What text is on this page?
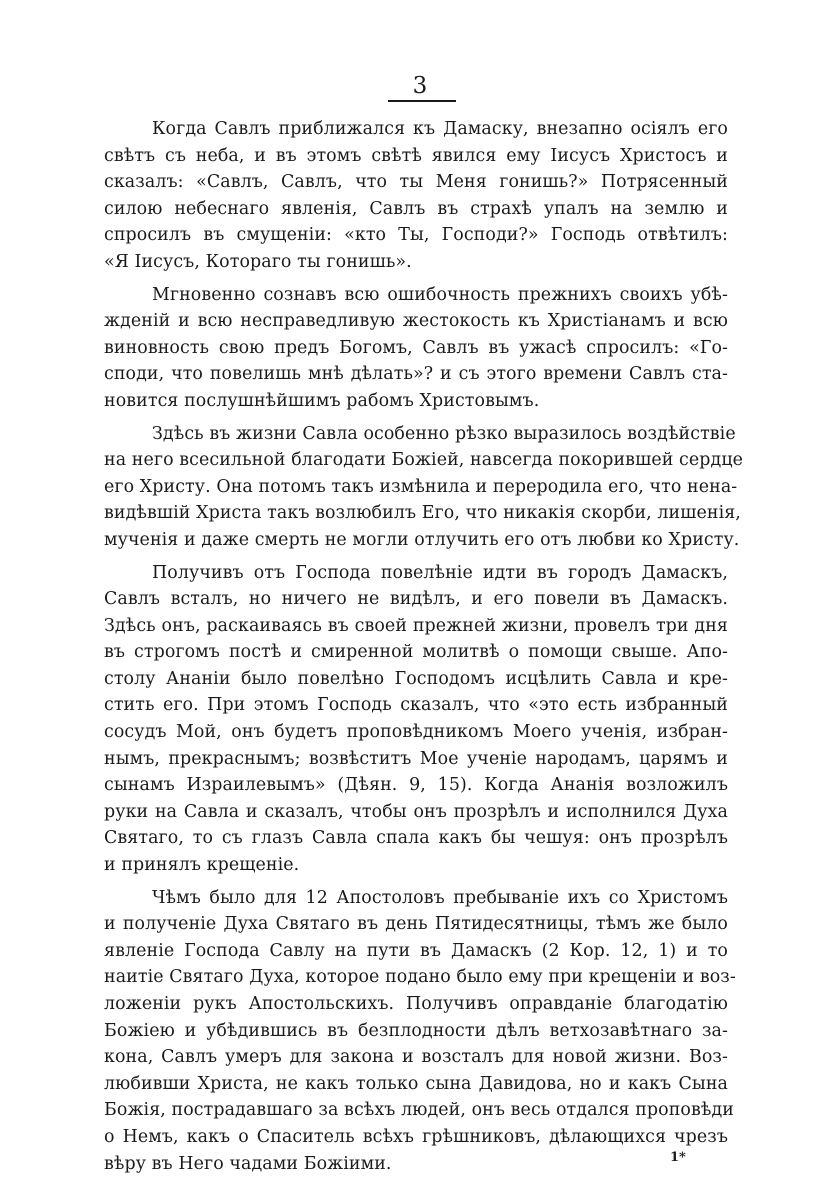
3
Когда Савлъ приближался къ Дамаску, внезапно осіялъ его
свѣтъ съ неба, и въ этомъ свѣтѣ явился ему Іисусъ Христосъ и
сказалъ: «Савлъ, Савлъ, что ты Меня гонишь?» Потрясенный
силою небеснаго явленія, Савлъ въ страхѣ упалъ на землю и
спросилъ въ смущеніи: «кто Ты, Господи?» Господь отвѣтилъ:
«Я Іисусъ, Котораго ты гонишь».
Мгновенно сознавъ всю ошибочность прежнихъ своихъ убѣ-
жденій и всю несправедливую жестокость къ Христіанамъ и всю
виновность свою предъ Богомъ, Савлъ въ ужасѣ спросилъ: «Го-
споди, что повелишь мнѣ дѣлать»? и съ этого времени Савлъ ста-
новится послушнѣйшимъ рабомъ Христовымъ.
Здѣсь въ жизни Савла особенно рѣзко выразилось воздѣйствіе
на него всесильной благодати Божіей, навсегда покорившей сердце
его Христу. Она потомъ такъ измѣнила и переродила его, что нена-
видѣвшій Христа такъ возлюбилъ Его, что никакія скорби, лишенія,
мученія и даже смерть не могли отлучить его отъ любви ко Христу.
Получивъ отъ Господа повелѣніе идти въ городъ Дамаскъ,
Савлъ всталъ, но ничего не видѣлъ, и его повели въ Дамаскъ.
Здѣсь онъ, раскаиваясь въ своей прежней жизни, провелъ три дня
въ строгомъ постѣ и смиренной молитвѣ о помощи свыше. Апо-
столу Ананіи было повелѣно Господомъ исцѣлить Савла и кре-
стить его. При этомъ Господь сказалъ, что «это есть избранный
сосудъ Мой, онъ будетъ проповѣдникомъ Моего ученія, избран-
нымъ, прекраснымъ; возвѣститъ Мое ученіе народамъ, царямъ и
сынамъ Израилевымъ» (Дѣян. 9, 15). Когда Ананія возложилъ
руки на Савла и сказалъ, чтобы онъ прозрѣлъ и исполнился Духа
Святаго, то съ глазъ Савла спала какъ бы чешуя: онъ прозрѣлъ
и принялъ крещеніе.
Чѣмъ было для 12 Апостоловъ пребываніе ихъ со Христомъ
и полученіе Духа Святаго въ день Пятидесятницы, тѣмъ же было
явленіе Господа Савлу на пути въ Дамаскъ (2 Кор. 12, 1) и то
наитіе Святаго Духа, которое подано было ему при крещеніи и воз-
ложеніи рукъ Апостольскихъ. Получивъ оправданіе благодатію
Божіею и убѣдившись въ безплодности дѣлъ ветхозавѣтнаго за-
кона, Савлъ умеръ для закона и возсталъ для новой жизни. Воз-
любивши Христа, не какъ только сына Давидова, но и какъ Сына
Божія, пострадавшаго за всѣхъ людей, онъ весь отдался проповѣди
о Немъ, какъ о Спаситель всѣхъ грѣшниковъ, дѣлающихся чрезъ
вѣру въ Него чадами Божіими.	1*
